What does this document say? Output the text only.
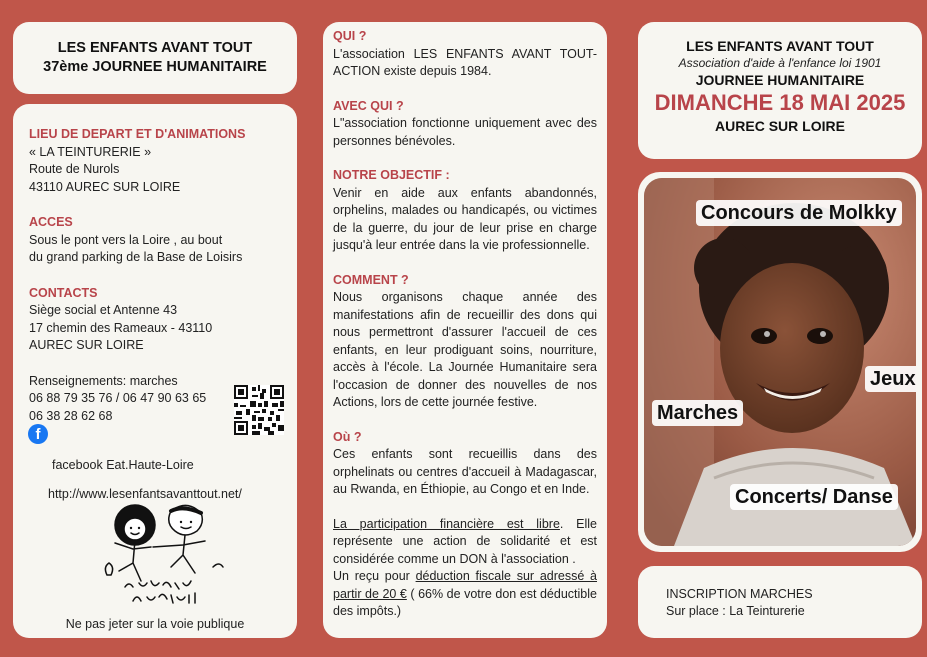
LES ENFANTS AVANT TOUT
37ème JOURNEE HUMANITAIRE
LIEU DE DEPART ET D'ANIMATIONS
« LA TEINTURERIE »
Route de Nurols
43110 AUREC SUR LOIRE
ACCES
Sous le pont vers la Loire , au bout
du grand parking de la Base de Loisirs
CONTACTS
Siège social et Antenne 43
17 chemin des Rameaux - 43110
AUREC SUR LOIRE
Renseignements: marches
06 88 79 35 76 / 06 47 90 63 65
06 38 28 62 68
f
facebook Eat.Haute-Loire
http://www.lesenfantsavanttout.net/
Ne pas jeter sur la voie publique
QUI ?

L'association LES ENFANTS AVANT TOUT-ACTION existe depuis 1984.

AVEC QUI ?

L"association fonctionne uniquement avec des personnes bénévoles.

NOTRE OBJECTIF :

Venir en aide aux enfants abandonnés, orphelins, malades ou handicapés, ou victimes de la guerre, du jour de leur prise en charge jusqu'à leur entrée dans la vie professionnelle.

COMMENT ?

Nous organisons chaque année des manifestations afin de recueillir des dons qui nous permettront d'assurer l'accueil de ces enfants, en leur prodiguant soins, nourriture, accès à l'école. La Journée Humanitaire sera l'occasion de donner des nouvelles de nos Actions, lors de cette journée festive.

Où ?

Ces enfants sont recueillis dans des orphelinats ou centres d'accueil à Madagascar, au Rwanda, en Éthiopie, au Congo et en Inde.

La participation financière est libre. Elle représente une action de solidarité et est considérée comme un DON à l'association .

Un reçu pour déduction fiscale sur adressé à partir de 20 € ( 66% de votre don est déductible des impôts.)

LES ENFANTS AVANT TOUT
Association d'aide à l'enfance loi 1901
JOURNEE HUMANITAIRE
DIMANCHE 18 MAI 2025
AUREC SUR LOIRE
Concours de Molkky
Jeux
Marches
Concerts/ Danse
INSCRIPTION MARCHES
Sur place : La Teinturerie
